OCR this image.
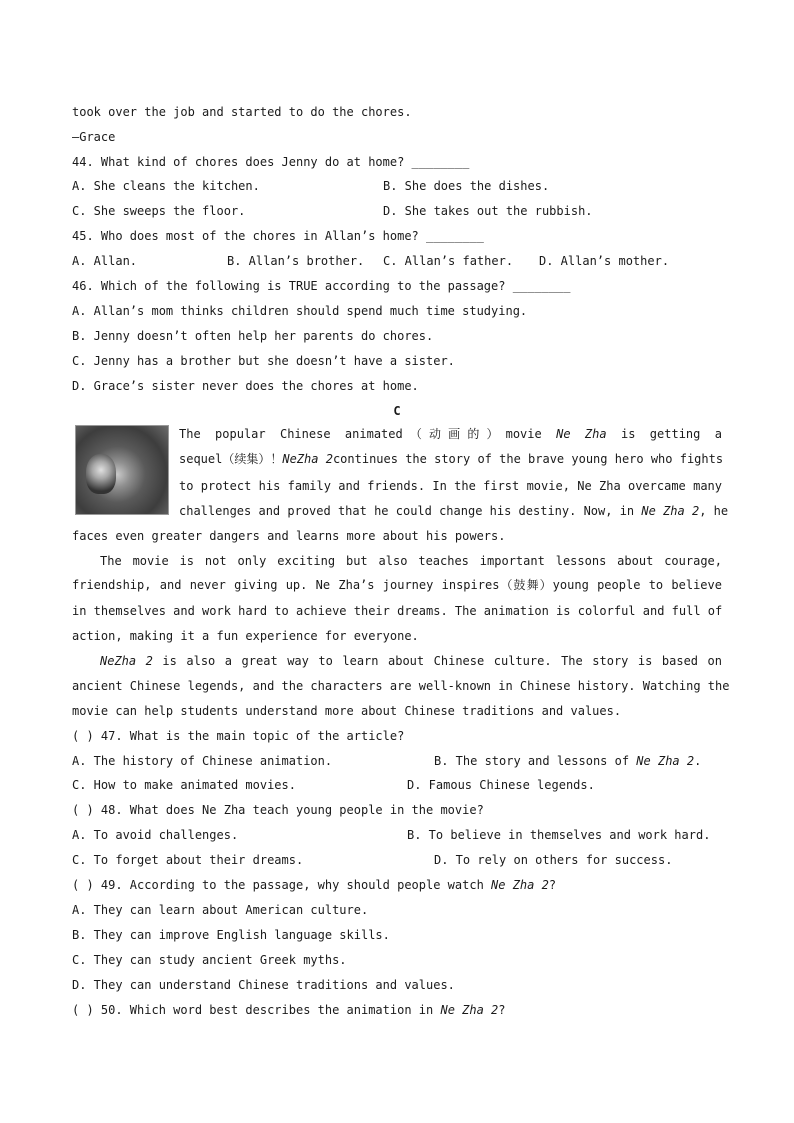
took over the job and started to do the chores.
—Grace
44. What kind of chores does Jenny do at home? ________
A. She cleans the kitchen.	B. She does the dishes.
C. She sweeps the floor.	D. She takes out the rubbish.
45. Who does most of the chores in Allan’s home? ________
A. Allan.	B. Allan’s brother. C. Allan’s father. D. Allan’s mother.
46. Which of the following is TRUE according to the passage? ________
A. Allan’s mom thinks children should spend much time studying.
B. Jenny doesn’t often help her parents do chores.
C. Jenny has a brother but she doesn’t have a sister.
D. Grace’s sister never does the chores at home.
C
The popular Chinese animated（动画的）movie Ne Zha is getting a
sequel（续集）！NeZha 2continues the story of the brave young hero who fights
to protect his family and friends. In the first movie, Ne Zha overcame many
challenges and proved that he could change his destiny. Now, in Ne Zha 2, he
faces even greater dangers and learns more about his powers.
The movie is not only exciting but also teaches important lessons about courage,
friendship, and never giving up. Ne Zha’s journey inspires（鼓舞）young people to believe
in themselves and work hard to achieve their dreams. The animation is colorful and full of
action, making it a fun experience for everyone.
NeZha 2 is also a great way to learn about Chinese culture. The story is based on
ancient Chinese legends, and the characters are well-known in Chinese history. Watching the
movie can help students understand more about Chinese traditions and values.
( ) 47. What is the main topic of the article?
A. The history of Chinese animation.	B. The story and lessons of Ne Zha 2.
C. How to make animated movies.	D. Famous Chinese legends.
( ) 48. What does Ne Zha teach young people in the movie?
A. To avoid challenges.	B. To believe in themselves and work hard.
C. To forget about their dreams.	D. To rely on others for success.
( ) 49. According to the passage, why should people watch Ne Zha 2?
A. They can learn about American culture.
B. They can improve English language skills.
C. They can study ancient Greek myths.
D. They can understand Chinese traditions and values.
( ) 50. Which word best describes the animation in Ne Zha 2?
